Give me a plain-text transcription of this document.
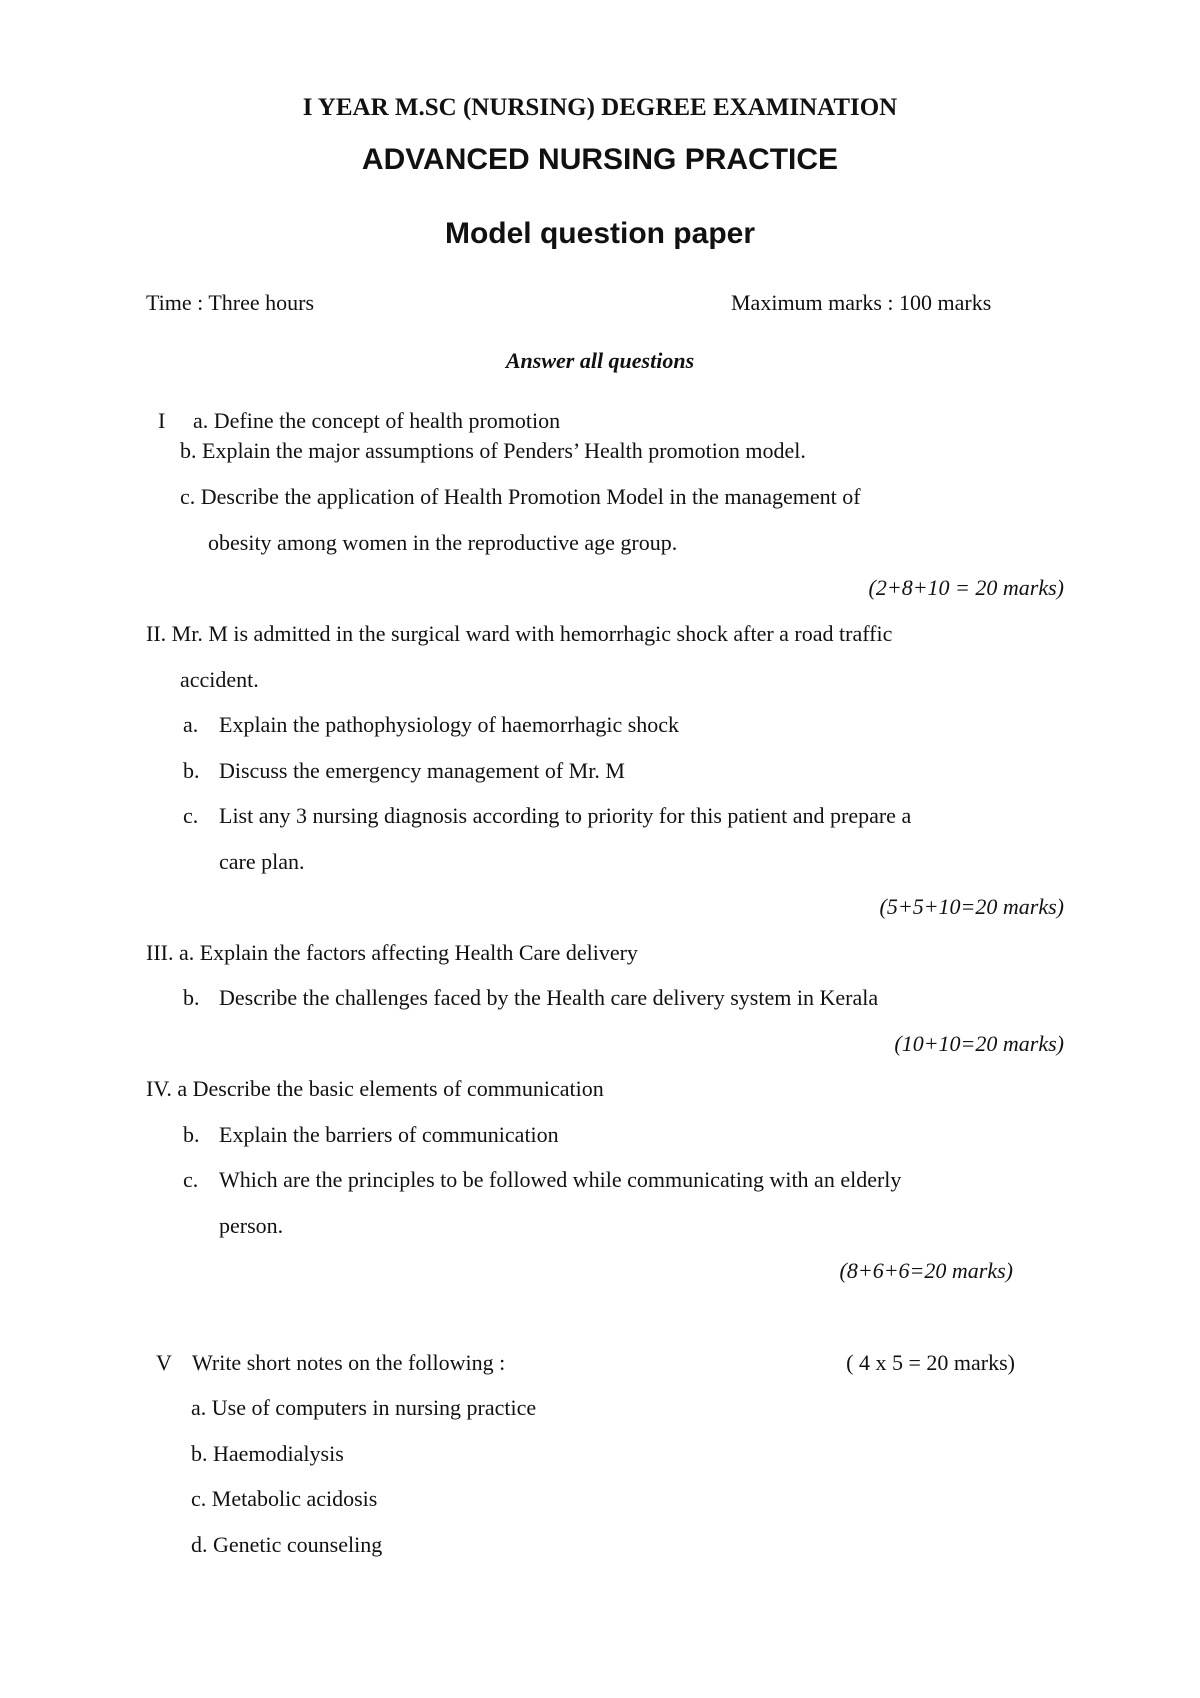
I YEAR M.SC (NURSING) DEGREE EXAMINATION
ADVANCED NURSING PRACTICE
Model question paper
Time : Three hours	Maximum marks : 100 marks
Answer all questions
I a. Define the concept of health promotion
b. Explain the major assumptions of Penders’ Health promotion model.
c. Describe the application of Health Promotion Model in the management of
obesity among women in the reproductive age group.
(2+8+10 = 20 marks)
II. Mr. M is admitted in the surgical ward with hemorrhagic shock after a road traffic
accident.
a. Explain the pathophysiology of haemorrhagic shock
b. Discuss the emergency management of Mr. M
c. List any 3 nursing diagnosis according to priority for this patient and prepare a
care plan.
(5+5+10=20 marks)
III. a. Explain the factors affecting Health Care delivery
b. Describe the challenges faced by the Health care delivery system in Kerala
(10+10=20 marks)
IV. a Describe the basic elements of communication
b. Explain the barriers of communication
c. Which are the principles to be followed while communicating with an elderly
person.
(8+6+6=20 marks)
V Write short notes on the following :	( 4 x 5 = 20 marks)
a. Use of computers in nursing practice
b. Haemodialysis
c. Metabolic acidosis
d. Genetic counseling
